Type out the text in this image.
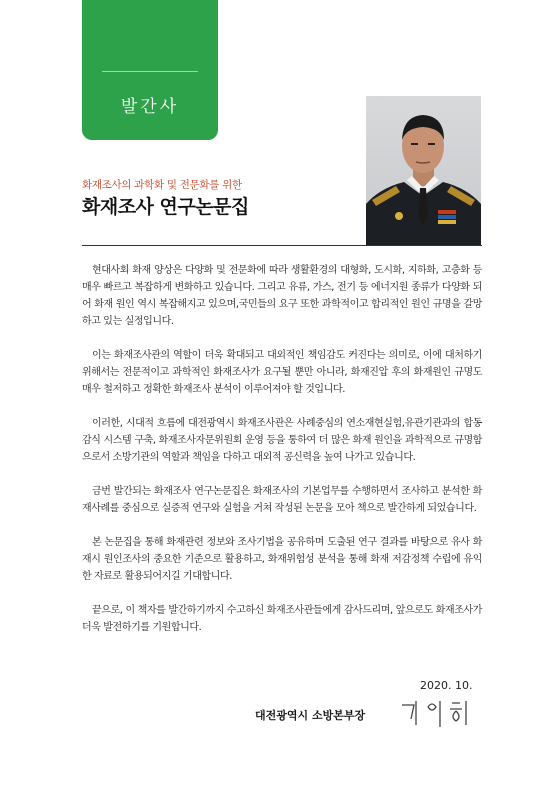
발간사
화재조사의 과학화 및 전문화를 위한
화재조사 연구논문집

현대사회 화재 양상은 다양화 및 전문화에 따라 생활환경의 대형화, 도시화, 지하화, 고층화 등 매우 빠르고 복잡하게 변화하고 있습니다. 그리고 유류, 가스, 전기 등 에너지원 종류가 다양화 되어 화재 원인 역시 복잡해지고 있으며,국민들의 요구 또한 과학적이고 합리적인 원인 규명을 갈망하고 있는 실정입니다.

이는 화재조사관의 역할이 더욱 확대되고 대외적인 책임감도 커진다는 의미로, 이에 대처하기 위해서는 전문적이고 과학적인 화재조사가 요구될 뿐만 아니라, 화재진압 후의 화재원인 규명도 매우 철저하고 정확한 화재조사 분석이 이루어져야 할 것입니다.

이러한, 시대적 흐름에 대전광역시 화재조사관은 사례중심의 연소재현실험,유관기관과의 합동감식 시스템 구축, 화재조사자문위원회 운영 등을 통하여 더 많은 화재 원인을 과학적으로 규명함으로서 소방기관의 역할과 책임을 다하고 대외적 공신력을 높여 나가고 있습니다.

금번 발간되는 화재조사 연구논문집은 화재조사의 기본업무를 수행하면서 조사하고 분석한 화재사례를 중심으로 실증적 연구와 실험을 거쳐 작성된 논문을 모아 책으로 발간하게 되었습니다.

본 논문집을 통해 화재관련 정보와 조사기법을 공유하며 도출된 연구 결과를 바탕으로 유사 화재시 원인조사의 중요한 기준으로 활용하고, 화재위험성 분석을 통해 화재 저감정책 수립에 유익한 자료로 활용되어지길 기대합니다.

끝으로, 이 책자를 발간하기까지 수고하신 화재조사관들에게 감사드리며, 앞으로도 화재조사가 더욱 발전하기를 기원합니다.

2020. 10.
대전광역시 소방본부장
